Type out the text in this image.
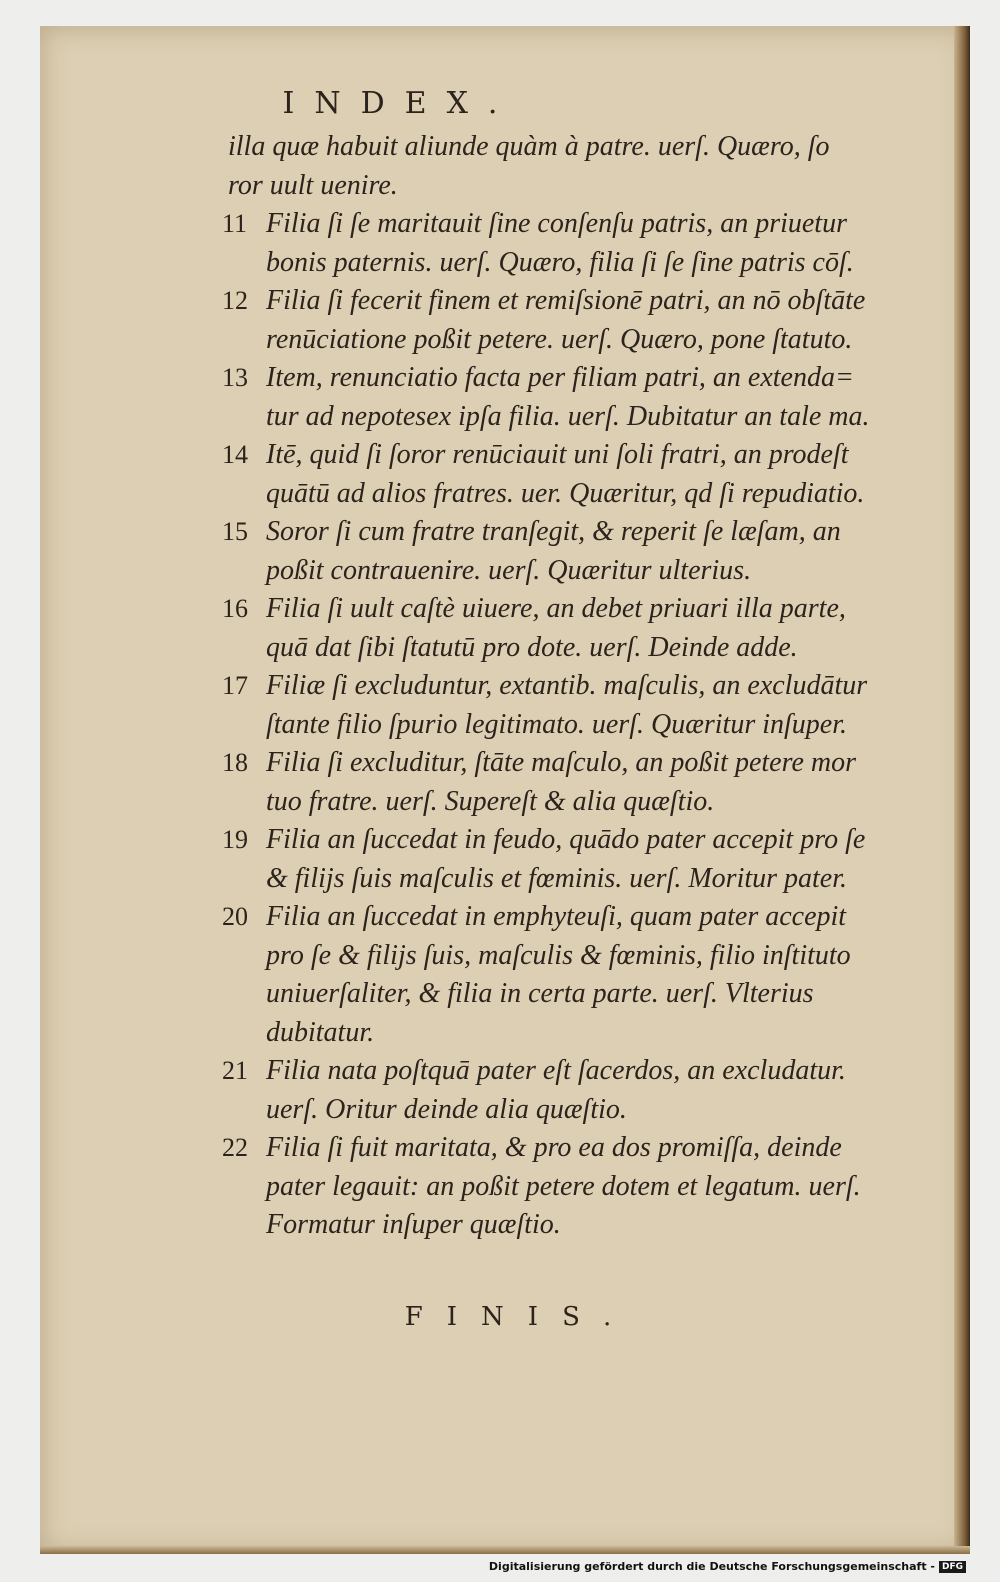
INDEX.
illa quæ habuit aliunde quàm à patre. uerſ. Quæro, ſo
ror uult uenire.
11 Filia ſi ſe maritauit ſine conſenſu patris, an priuetur
bonis paternis. uerſ. Quæro, filia ſi ſe ſine patris cōſ.
12 Filia ſi fecerit finem et remiſsionē patri, an nō obſtāte
renūciatione poßit petere. uerſ. Quæro, pone ſtatuto.
13 Item, renunciatio facta per filiam patri, an extenda=
tur ad nepotesex ipſa filia. uerſ. Dubitatur an tale ma.
14 Itē, quid ſi ſoror renūciauit uni ſoli fratri, an prodeſt
quātū ad alios fratres. uer. Quæritur, qd ſi repudiatio.
15 Soror ſi cum fratre tranſegit, & reperit ſe læſam, an
poßit contrauenire. uerſ. Quæritur ulterius.
16 Filia ſi uult caſtè uiuere, an debet priuari illa parte,
quā dat ſibi ſtatutū pro dote. uerſ. Deinde adde.
17 Filiæ ſi excluduntur, extantib. maſculis, an excludātur
ſtante filio ſpurio legitimato. uerſ. Quæritur inſuper.
18 Filia ſi excluditur, ſtāte maſculo, an poßit petere mor
tuo fratre. uerſ. Supereſt & alia quæſtio.
19 Filia an ſuccedat in feudo, quādo pater accepit pro ſe
& filijs ſuis maſculis et fœminis. uerſ. Moritur pater.
20 Filia an ſuccedat in emphyteuſi, quam pater accepit
pro ſe & filijs ſuis, maſculis & fœminis, filio inſtituto
uniuerſaliter, & filia in certa parte. uerſ. Vlterius
dubitatur.
21 Filia nata poſtquā pater eſt ſacerdos, an excludatur.
uerſ. Oritur deinde alia quæſtio.
22 Filia ſi fuit maritata, & pro ea dos promiſſa, deinde
pater legauit: an poßit petere dotem et legatum. uerſ.
Formatur inſuper quæſtio.
FINIS.
Digitalisierung gefördert durch die Deutsche Forschungsgemeinschaft - DFG
